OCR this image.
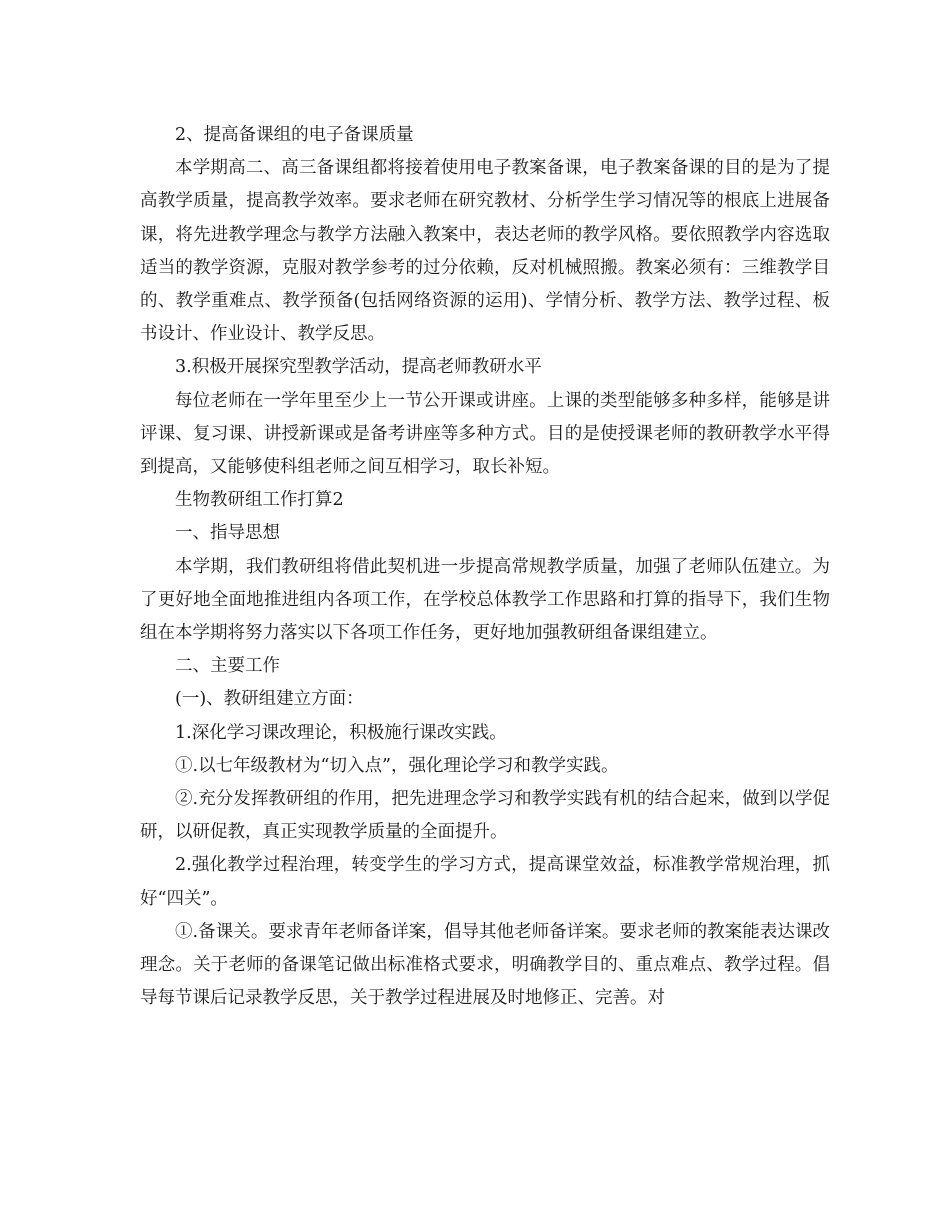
2、提高备课组的电子备课质量

本学期高二、高三备课组都将接着使用电子教案备课，电子教案备课的目的是为了提高教学质量，提高教学效率。要求老师在研究教材、分析学生学习情况等的根底上进展备课，将先进教学理念与教学方法融入教案中，表达老师的教学风格。要依照教学内容选取适当的教学资源，克服对教学参考的过分依赖，反对机械照搬。教案必须有：三维教学目的、教学重难点、教学预备(包括网络资源的运用)、学情分析、教学方法、教学过程、板书设计、作业设计、教学反思。

3.积极开展探究型教学活动，提高老师教研水平

每位老师在一学年里至少上一节公开课或讲座。上课的类型能够多种多样，能够是讲评课、复习课、讲授新课或是备考讲座等多种方式。目的是使授课老师的教研教学水平得到提高，又能够使科组老师之间互相学习，取长补短。

生物教研组工作打算2

一、指导思想

本学期，我们教研组将借此契机进一步提高常规教学质量，加强了老师队伍建立。为了更好地全面地推进组内各项工作，在学校总体教学工作思路和打算的指导下，我们生物组在本学期将努力落实以下各项工作任务，更好地加强教研组备课组建立。

二、主要工作

(一)、教研组建立方面：

1.深化学习课改理论，积极施行课改实践。

①.以七年级教材为“切入点”，强化理论学习和教学实践。

②.充分发挥教研组的作用，把先进理念学习和教学实践有机的结合起来，做到以学促研，以研促教，真正实现教学质量的全面提升。

2.强化教学过程治理，转变学生的学习方式，提高课堂效益，标准教学常规治理，抓好“四关”。

①.备课关。要求青年老师备详案，倡导其他老师备详案。要求老师的教案能表达课改理念。关于老师的备课笔记做出标准格式要求，明确教学目的、重点难点、教学过程。倡导每节课后记录教学反思，关于教学过程进展及时地修正、完善。对
